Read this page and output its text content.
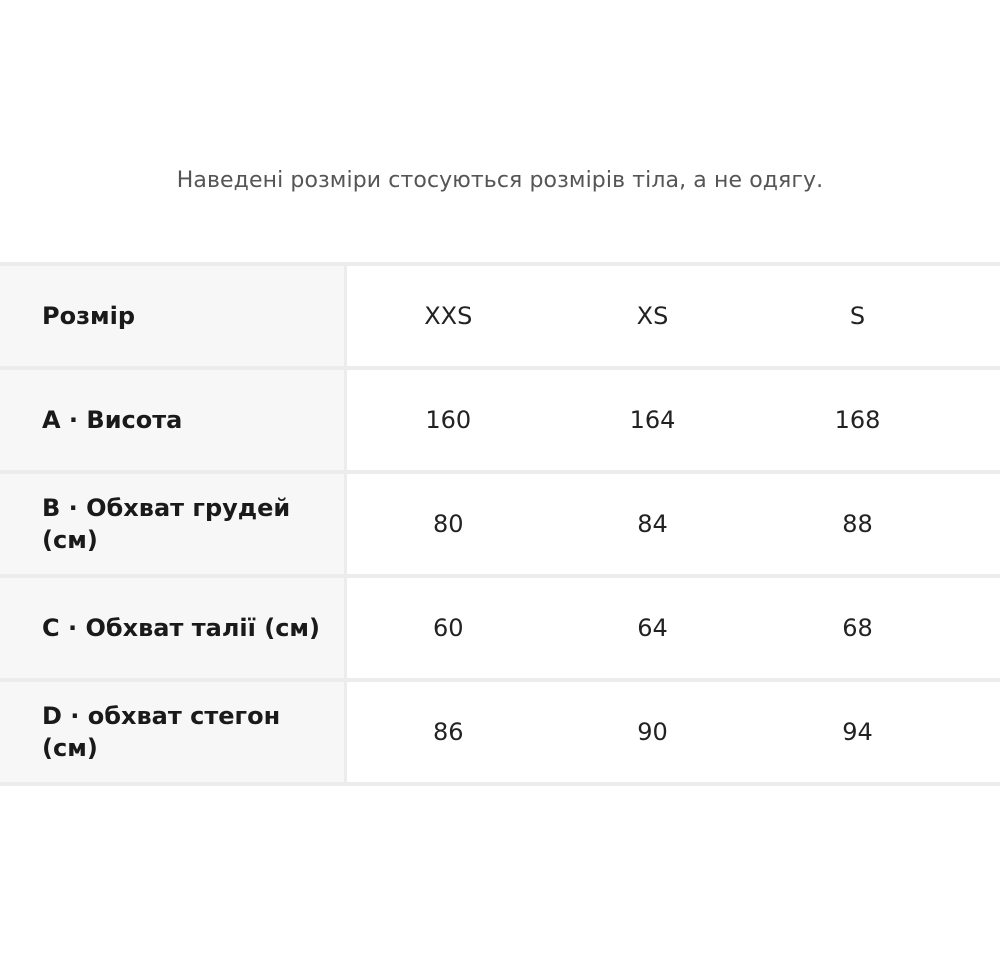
Наведені розміри стосуються розмірів тіла, а не одягу.
Розмір	XXS	XS	S	
A · Висота	160	164	168	
B · Обхват грудей (см)	80	84	88	
C · Обхват талії (см)	60	64	68	
D · обхват стегон (см)	86	90	94	
